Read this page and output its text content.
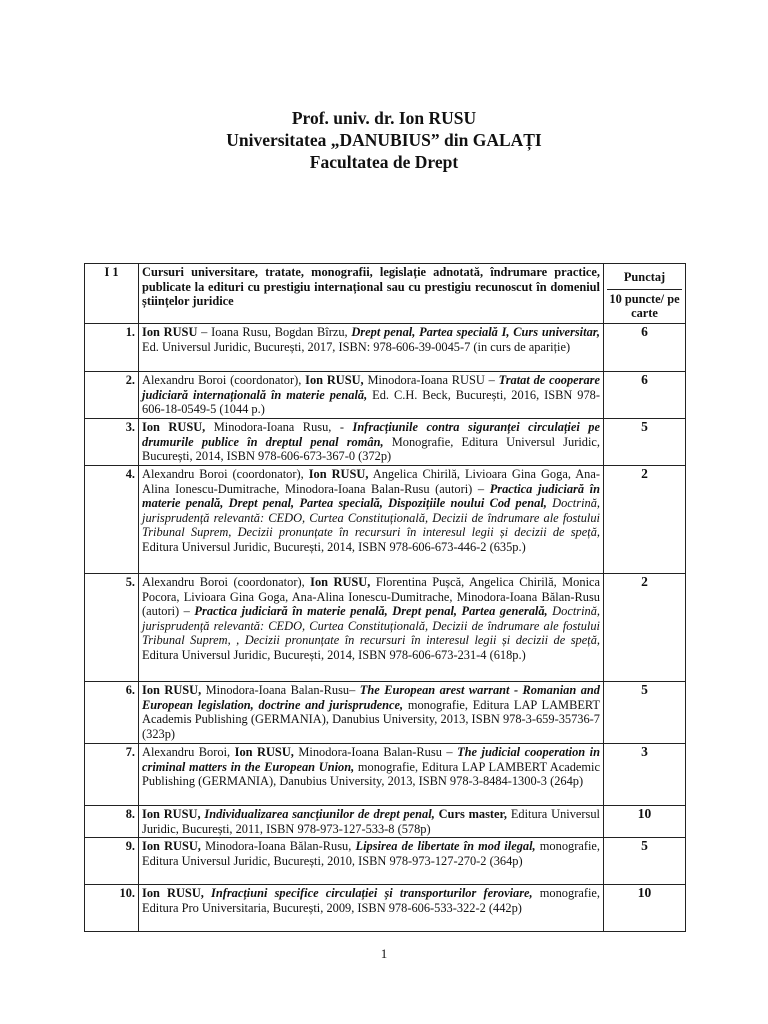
Prof. univ. dr. Ion RUSU
Universitatea „DANUBIUS” din GALAȚI
Facultatea de Drept
I 1	Cursuri universitare, tratate, monografii, legislație adnotată, îndrumare practice, publicate la edituri cu prestigiu internațional sau cu prestigiu recunoscut în domeniul științelor juridice	Punctaj
10 puncte/ pe carte

1.	Ion RUSU – Ioana Rusu, Bogdan Bîrzu, Drept penal, Partea specială I, Curs universitar, Ed. Universul Juridic, București, 2017, ISBN: 978-606-39-0045-7 (in curs de apariție)	6
2.	Alexandru Boroi (coordonator), Ion RUSU, Minodora-Ioana RUSU – Tratat de cooperare judiciară internațională în materie penală, Ed. C.H. Beck, București, 2016, ISBN 978-606-18-0549-5 (1044 p.)	6
3.	Ion RUSU, Minodora-Ioana Rusu, - Infracțiunile contra siguranței circulației pe drumurile publice în dreptul penal român, Monografie, Editura Universul Juridic, București, 2014, ISBN 978-606-673-367-0 (372p)	5
4.	Alexandru Boroi (coordonator), Ion RUSU, Angelica Chirilă, Livioara Gina Goga, Ana-Alina Ionescu-Dumitrache, Minodora-Ioana Balan-Rusu (autori) – Practica judiciară în materie penală, Drept penal, Partea specială, Dispozițiile noului Cod penal, Doctrină, jurisprudență relevantă: CEDO, Curtea Constituțională, Decizii de îndrumare ale fostului Tribunal Suprem, Decizii pronunțate în recursuri în interesul legii și decizii de speță, Editura Universul Juridic, București, 2014, ISBN 978-606-673-446-2 (635p.)	2
5.	Alexandru Boroi (coordonator), Ion RUSU, Florentina Pușcă, Angelica Chirilă, Monica Pocora, Livioara Gina Goga, Ana-Alina Ionescu-Dumitrache, Minodora-Ioana Bălan-Rusu (autori) – Practica judiciară în materie penală, Drept penal, Partea generală, Doctrină, jurisprudență relevantă: CEDO, Curtea Constituțională, Decizii de îndrumare ale fostului Tribunal Suprem, , Decizii pronunțate în recursuri în interesul legii și decizii de speță, Editura Universul Juridic, București, 2014, ISBN 978-606-673-231-4 (618p.)	2
6.	Ion RUSU, Minodora-Ioana Balan-Rusu– The European arest warrant - Romanian and European legislation, doctrine and jurisprudence, monografie, Editura LAP LAMBERT Academis Publishing (GERMANIA), Danubius University, 2013, ISBN 978-3-659-35736-7 (323p)	5
7.	Alexandru Boroi, Ion RUSU, Minodora-Ioana Balan-Rusu – The judicial cooperation in criminal matters in the European Union, monografie, Editura LAP LAMBERT Academic Publishing (GERMANIA), Danubius University, 2013, ISBN 978-3-8484-1300-3 (264p)	3
8.	Ion RUSU, Individualizarea sancțiunilor de drept penal, Curs master, Editura Universul Juridic, București, 2011, ISBN 978-973-127-533-8 (578p)	10
9.	Ion RUSU, Minodora-Ioana Bălan-Rusu, Lipsirea de libertate în mod ilegal, monografie, Editura Universul Juridic, București, 2010, ISBN 978-973-127-270-2 (364p)	5
10.	Ion RUSU, Infracțiuni specifice circulației și transporturilor feroviare, monografie, Editura Pro Universitaria, București, 2009, ISBN 978-606-533-322-2 (442p)	10
1
